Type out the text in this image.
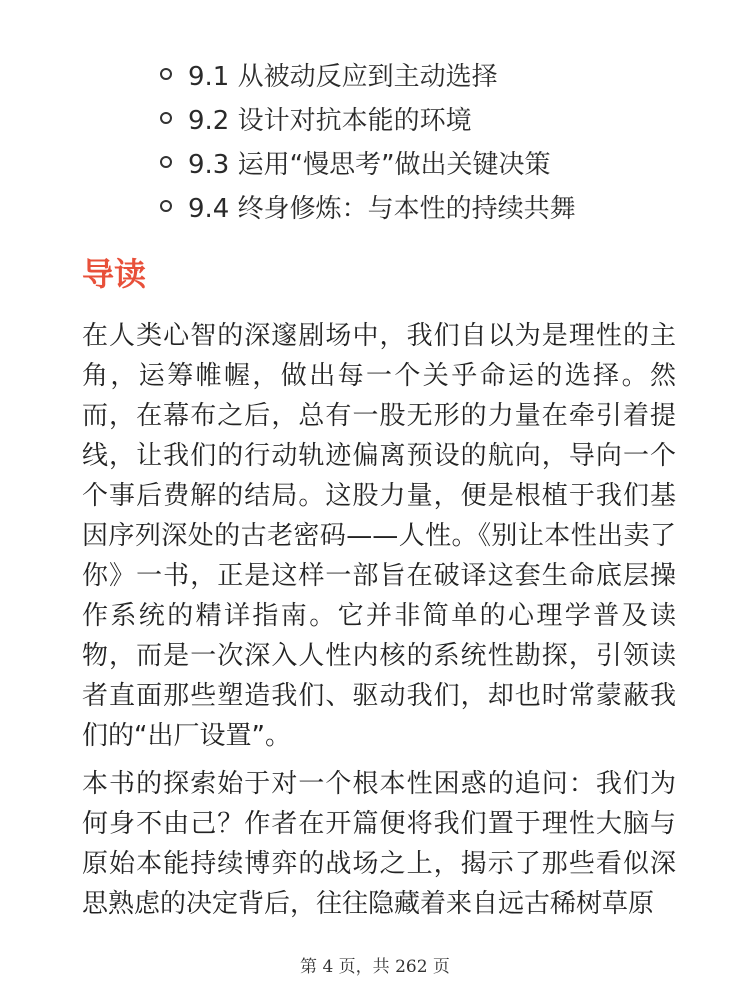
9.1 从被动反应到主动选择
9.2 设计对抗本能的环境
9.3 运用“慢思考”做出关键决策
9.4 终身修炼：与本性的持续共舞
导读

在人类心智的深邃剧场中，我们自以为是理性的主角，运筹帷幄，做出每一个关乎命运的选择。然而，在幕布之后，总有一股无形的力量在牵引着提线，让我们的行动轨迹偏离预设的航向，导向一个个事后费解的结局。这股力量，便是根植于我们基因序列深处的古老密码——人性。《别让本性出卖了你》一书，正是这样一部旨在破译这套生命底层操作系统的精详指南。它并非简单的心理学普及读物，而是一次深入人性内核的系统性勘探，引领读者直面那些塑造我们、驱动我们，却也时常蒙蔽我们的“出厂设置”。

本书的探索始于对一个根本性困惑的追问：我们为何身不由己？作者在开篇便将我们置于理性大脑与原始本能持续博弈的战场之上，揭示了那些看似深思熟虑的决定背后，往往隐藏着来自远古稀树草原

第 4 页，共 262 页
